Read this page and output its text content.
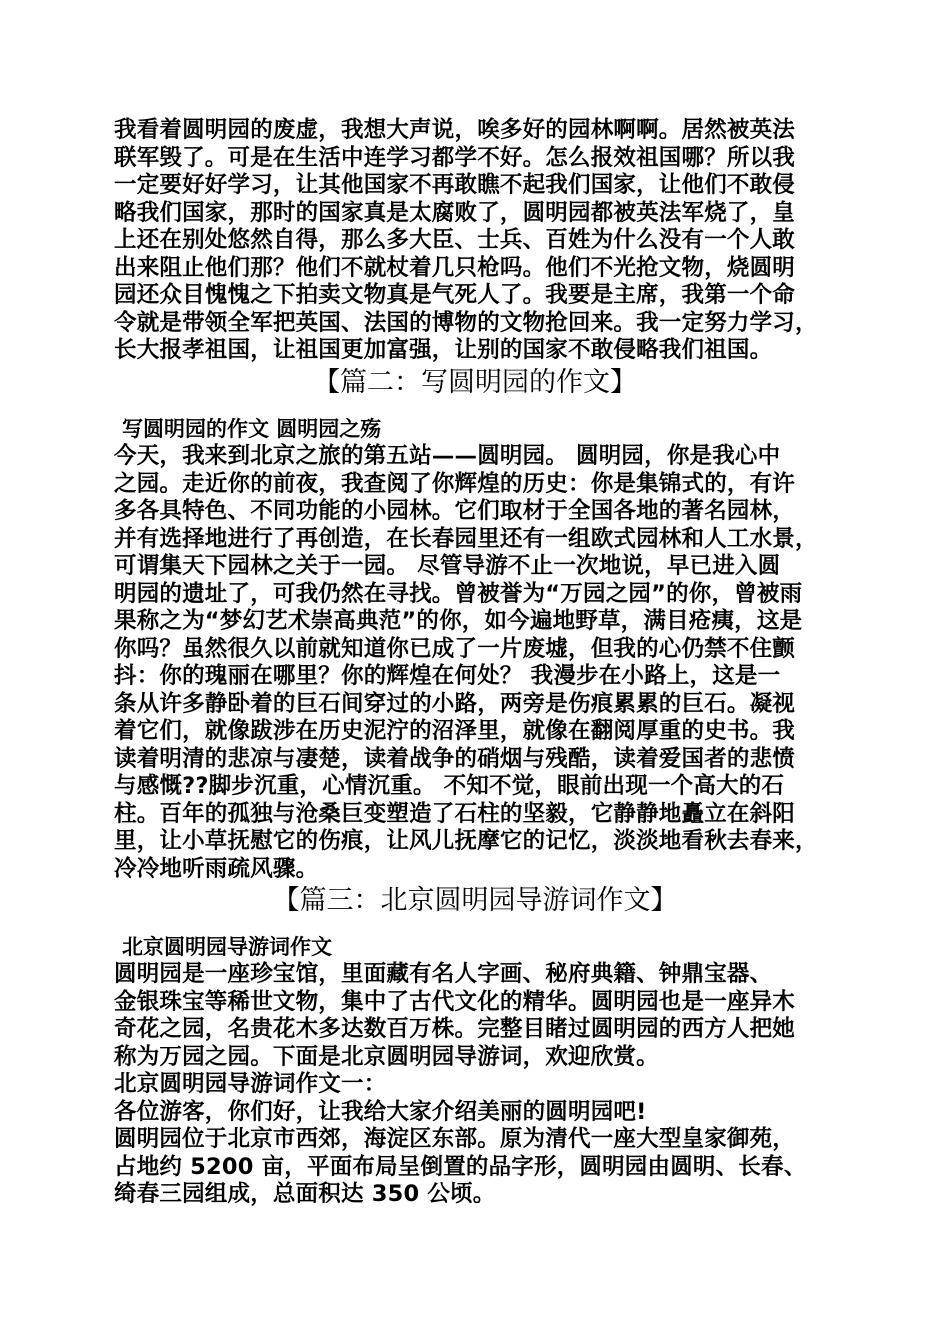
我看着圆明园的废虚，我想大声说，唉多好的园林啊啊。居然被英法
联军毁了。可是在生活中连学习都学不好。怎么报效祖国哪？所以我
一定要好好学习，让其他国家不再敢瞧不起我们国家，让他们不敢侵
略我们国家，那时的国家真是太腐败了，圆明园都被英法军烧了，皇
上还在别处悠然自得，那么多大臣、士兵、百姓为什么没有一个人敢
出来阻止他们那？他们不就杖着几只枪吗。他们不光抢文物，烧圆明
园还众目愧愧之下拍卖文物真是气死人了。我要是主席，我第一个命
令就是带领全军把英国、法国的博物的文物抢回来。我一定努力学习，
长大报孝祖国，让祖国更加富强，让别的国家不敢侵略我们祖国。
【篇二：写圆明园的作文】
写圆明园的作文 圆明园之殇
今天，我来到北京之旅的第五站——圆明园。 圆明园，你是我心中
之园。走近你的前夜，我查阅了你辉煌的历史：你是集锦式的，有许
多各具特色、不同功能的小园林。它们取材于全国各地的著名园林，
并有选择地进行了再创造，在长春园里还有一组欧式园林和人工水景，
可谓集天下园林之关于一园。 尽管导游不止一次地说，早已进入圆
明园的遗址了，可我仍然在寻找。曾被誉为“万园之园”的你，曾被雨
果称之为“梦幻艺术崇高典范”的你，如今遍地野草，满目疮痍，这是
你吗？虽然很久以前就知道你已成了一片废墟，但我的心仍禁不住颤
抖：你的瑰丽在哪里？你的辉煌在何处？ 我漫步在小路上，这是一
条从许多静卧着的巨石间穿过的小路，两旁是伤痕累累的巨石。凝视
着它们，就像跋涉在历史泥泞的沼泽里，就像在翻阅厚重的史书。我
读着明清的悲凉与凄楚，读着战争的硝烟与残酷，读着爱国者的悲愤
与感慨??脚步沉重，心情沉重。 不知不觉，眼前出现一个高大的石
柱。百年的孤独与沧桑巨变塑造了石柱的坚毅，它静静地矗立在斜阳
里，让小草抚慰它的伤痕，让风儿抚摩它的记忆，淡淡地看秋去春来，
冷冷地听雨疏风骤。
【篇三：北京圆明园导游词作文】
北京圆明园导游词作文
圆明园是一座珍宝馆，里面藏有名人字画、秘府典籍、钟鼎宝器、
金银珠宝等稀世文物，集中了古代文化的精华。圆明园也是一座异木
奇花之园，名贵花木多达数百万株。完整目睹过圆明园的西方人把她
称为万园之园。下面是北京圆明园导游词，欢迎欣赏。
北京圆明园导游词作文一：
各位游客，你们好，让我给大家介绍美丽的圆明园吧!
圆明园位于北京市西郊，海淀区东部。原为清代一座大型皇家御苑，
占地约 5200 亩，平面布局呈倒置的品字形，圆明园由圆明、长春、
绮春三园组成，总面积达 350 公顷。
